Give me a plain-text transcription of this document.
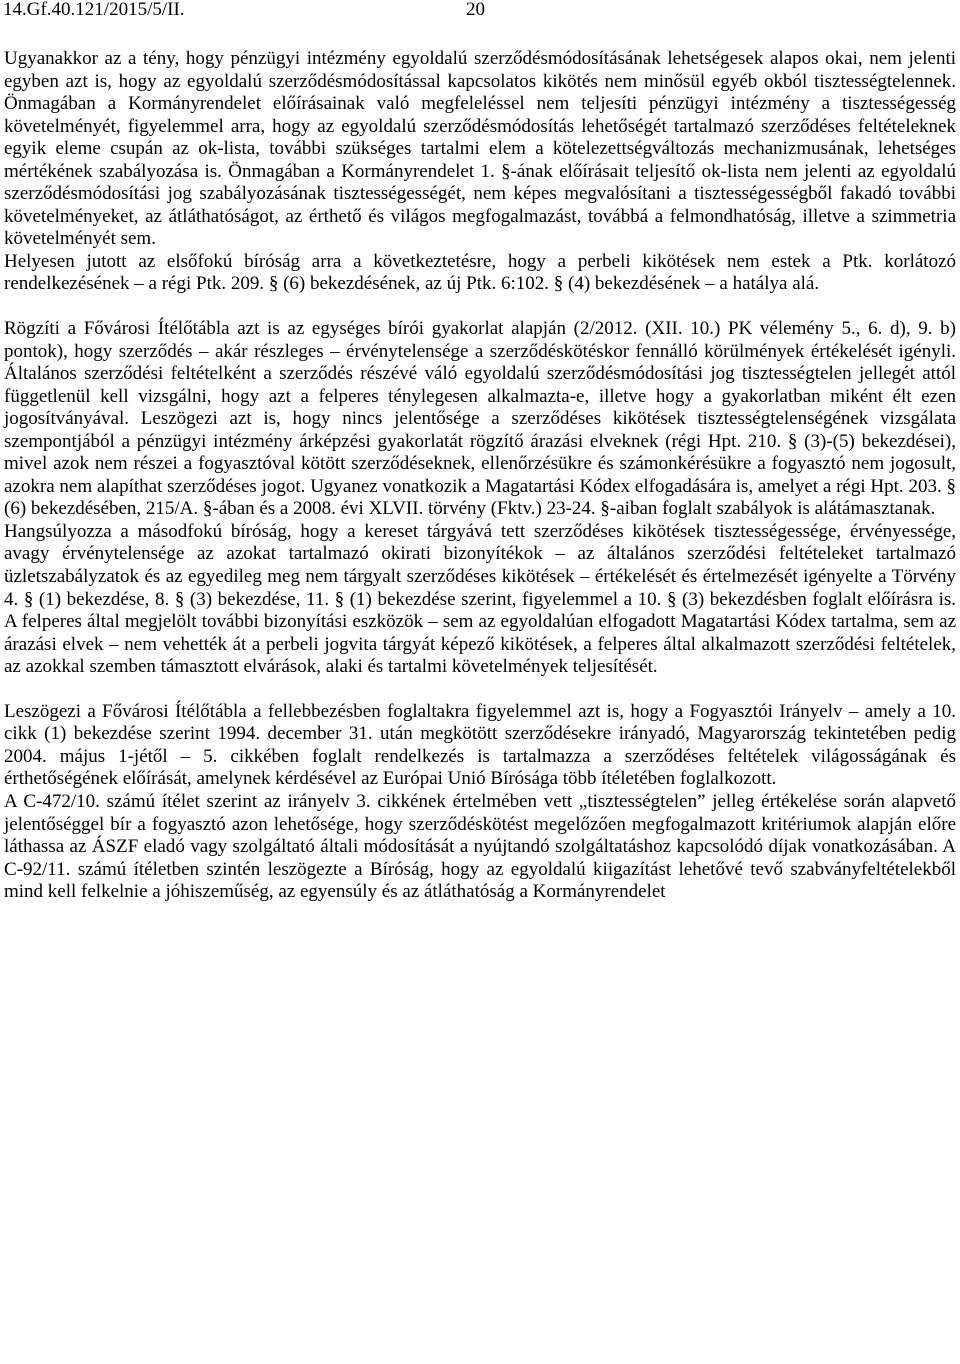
14.Gf.40.121/2015/5/II.	20

Ugyanakkor az a tény, hogy pénzügyi intézmény egyoldalú szerződésmódosításának lehetségesek alapos okai, nem jelenti egyben azt is, hogy az egyoldalú szerződésmódosítással kapcsolatos kikötés nem minősül egyéb okból tisztességtelennek. Önmagában a Kormányrendelet előírásainak való megfeleléssel nem teljesíti pénzügyi intézmény a tisztességesség követelményét, figyelemmel arra, hogy az egyoldalú szerződésmódosítás lehetőségét tartalmazó szerződéses feltételeknek egyik eleme csupán az ok-lista, további szükséges tartalmi elem a kötelezettségváltozás mechanizmusának, lehetséges mértékének szabályozása is. Önmagában a Kormányrendelet 1. §-ának előírásait teljesítő ok-lista nem jelenti az egyoldalú szerződésmódosítási jog szabályozásának tisztességességét, nem képes megvalósítani a tisztességességből fakadó további követelményeket, az átláthatóságot, az érthető és világos megfogalmazást, továbbá a felmondhatóság, illetve a szimmetria követelményét sem.

Helyesen jutott az elsőfokú bíróság arra a következtetésre, hogy a perbeli kikötések nem estek a Ptk. korlátozó rendelkezésének – a régi Ptk. 209. § (6) bekezdésének, az új Ptk. 6:102. § (4) bekezdésének – a hatálya alá.

Rögzíti a Fővárosi Ítélőtábla azt is az egységes bírói gyakorlat alapján (2/2012. (XII. 10.) PK vélemény 5., 6. d), 9. b) pontok), hogy szerződés – akár részleges – érvénytelensége a szerződéskötéskor fennálló körülmények értékelését igényli. Általános szerződési feltételként a szerződés részévé váló egyoldalú szerződésmódosítási jog tisztességtelen jellegét attól függetlenül kell vizsgálni, hogy azt a felperes ténylegesen alkalmazta-e, illetve hogy a gyakorlatban miként élt ezen jogosítványával. Leszögezi azt is, hogy nincs jelentősége a szerződéses kikötések tisztességtelenségének vizsgálata szempontjából a pénzügyi intézmény árképzési gyakorlatát rögzítő árazási elveknek (régi Hpt. 210. § (3)-(5) bekezdései), mivel azok nem részei a fogyasztóval kötött szerződéseknek, ellenőrzésükre és számonkérésükre a fogyasztó nem jogosult, azokra nem alapíthat szerződéses jogot. Ugyanez vonatkozik a Magatartási Kódex elfogadására is, amelyet a régi Hpt. 203. § (6) bekezdésében, 215/A. §-ában és a 2008. évi XLVII. törvény (Fktv.) 23-24. §-aiban foglalt szabályok is alátámasztanak.

Hangsúlyozza a másodfokú bíróság, hogy a kereset tárgyává tett szerződéses kikötések tisztességessége, érvényessége, avagy érvénytelensége az azokat tartalmazó okirati bizonyítékok – az általános szerződési feltételeket tartalmazó üzletszabályzatok és az egyedileg meg nem tárgyalt szerződéses kikötések – értékelését és értelmezését igényelte a Törvény 4. § (1) bekezdése, 8. § (3) bekezdése, 11. § (1) bekezdése szerint, figyelemmel a 10. § (3) bekezdésben foglalt előírásra is. A felperes által megjelölt további bizonyítási eszközök – sem az egyoldalúan elfogadott Magatartási Kódex tartalma, sem az árazási elvek – nem vehették át a perbeli jogvita tárgyát képező kikötések, a felperes által alkalmazott szerződési feltételek, az azokkal szemben támasztott elvárások, alaki és tartalmi követelmények teljesítését.

Leszögezi a Fővárosi Ítélőtábla a fellebbezésben foglaltakra figyelemmel azt is, hogy a Fogyasztói Irányelv – amely a 10. cikk (1) bekezdése szerint 1994. december 31. után megkötött szerződésekre irányadó, Magyarország tekintetében pedig 2004. május 1-jétől – 5. cikkében foglalt rendelkezés is tartalmazza a szerződéses feltételek világosságának és érthetőségének előírását, amelynek kérdésével az Európai Unió Bírósága több ítéletében foglalkozott.

A C-472/10. számú ítélet szerint az irányelv 3. cikkének értelmében vett „tisztességtelen” jelleg értékelése során alapvető jelentőséggel bír a fogyasztó azon lehetősége, hogy szerződéskötést megelőzően megfogalmazott kritériumok alapján előre láthassa az ÁSZF eladó vagy szolgáltató általi módosítását a nyújtandó szolgáltatáshoz kapcsolódó díjak vonatkozásában. A C-92/11. számú ítéletben szintén leszögezte a Bíróság, hogy az egyoldalú kiigazítást lehetővé tevő szabványfeltételekből mind kell felkelnie a jóhiszeműség, az egyensúly és az átláthatóság a Kormányrendelet
